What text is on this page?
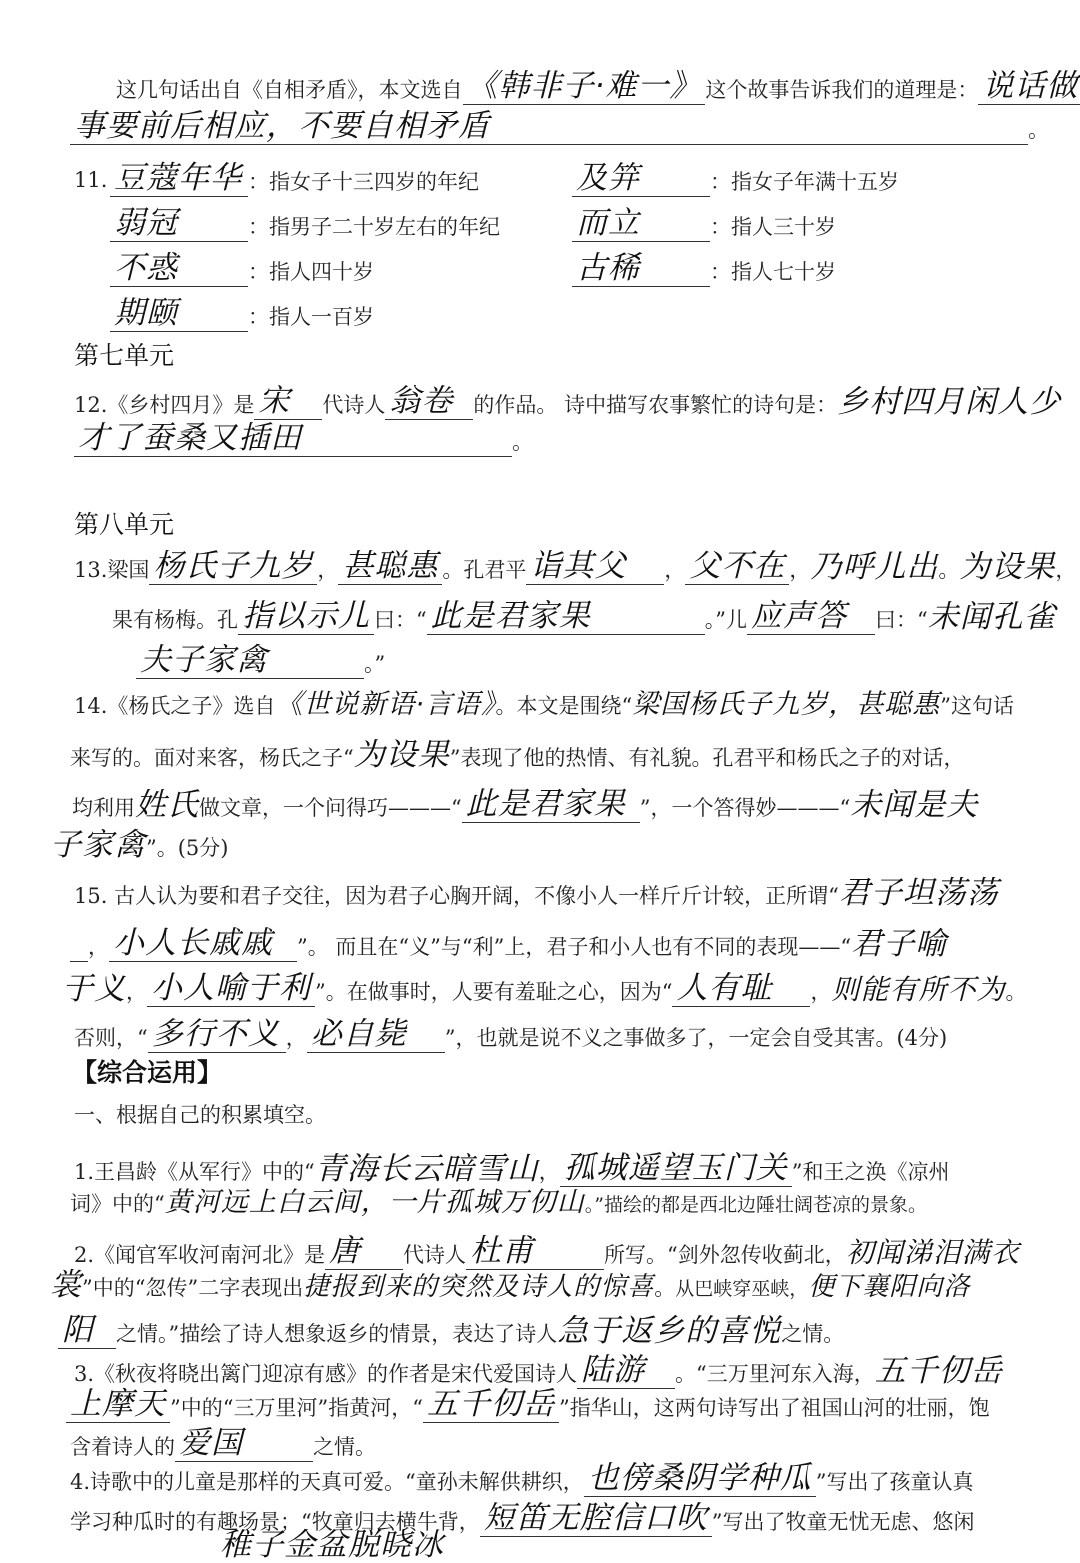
这几句话出自《自相矛盾》，本文选自 《韩非子·难一》 这个故事告诉我们的道理是： 说话做
事要前后相应，不要自相矛盾	。
11. 豆蔻年华 ：指女子十三四岁的年纪	及笄	：指女子年满十五岁
弱冠	：指男子二十岁左右的年纪 而立	：指人三十岁
不惑	：指人四十岁	古稀	：指人七十岁
期颐	：指人一百岁
第七单元
12.《乡村四月》是 宋 代诗人 翁卷 的作品。 诗中描写农事繁忙的诗句是：乡村四月闲人少
才了蚕桑又插田	。
第八单元
13.梁国 杨氏子九岁 ， 甚聪惠 。孔君平 诣其父 ， 父不在 ，乃呼儿出。为设果，
果有杨梅。孔 指以示儿 曰：“ 此是君家果	。”儿 应声答 曰：“未闻孔雀
夫子家禽	。”
14.《杨氏之子》选自《世说新语·言语》。本文是围绕“梁国杨氏子九岁，甚聪惠”这句话
来写的。面对来客，杨氏之子“为设果”表现了他的热情、有礼貌。孔君平和杨氏之子的对话，
均利用姓氏做文章，一个问得巧———“ 此是君家果 ”，一个答得妙———“未闻是夫
子家禽”。(5分)
15. 古人认为要和君子交往，因为君子心胸开阔，不像小人一样斤斤计较，正所谓“君子坦荡荡
， 小人长戚戚 ”。 而且在“义”与“利”上，君子和小人也有不同的表现——“君子喻
于义， 小人喻于利 ”。在做事时，人要有羞耻之心，因为“ 人有耻 ，则能有所不为。
否则，“ 多行不义 ， 必自毙 ”，也就是说不义之事做多了，一定会自受其害。(4分)
【综合运用】
一、根据自己的积累填空。
1.王昌龄《从军行》中的“青海长云暗雪山， 孤城遥望玉门关 ”和王之涣《凉州
词》中的“黄河远上白云间，一片孤城万仞山。”描绘的都是西北边陲壮阔苍凉的景象。
2.《闻官军收河南河北》是 唐 代诗人 杜甫	所写。“剑外忽传收蓟北，初闻涕泪满衣
裳”中的“忽传”二字表现出捷报到来的突然及诗人的惊喜。从巴峡穿巫峡，便下襄阳向洛
阳 之情。”描绘了诗人想象返乡的情景，表达了诗人急于返乡的喜悦之情。
3.《秋夜将晓出篱门迎凉有感》的作者是宋代爱国诗人 陆游 。“三万里河东入海，五千仞岳
上摩天 ”中的“三万里河”指黄河，“ 五千仞岳 ”指华山，这两句诗写出了祖国山河的壮丽，饱
含着诗人的 爱国	之情。
4.诗歌中的儿童是那样的天真可爱。“童孙未解供耕织， 也傍桑阴学种瓜 ”写出了孩童认真
学习种瓜时的有趣场景；“牧童归去横牛背， 短笛无腔信口吹 ”写出了牧童无忧无虑、悠闲
稚子金盆脱晓冰
